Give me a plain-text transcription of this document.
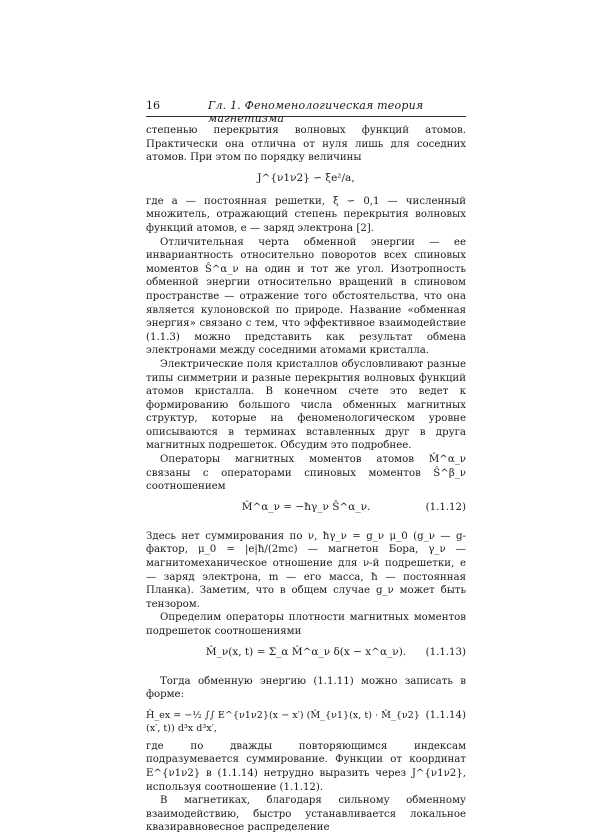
16	Гл. 1. Феноменологическая теория магнетизма

степенью перекрытия волновых функций атомов. Практически она отлична от нуля лишь для соседних атомов. При этом по порядку величины

J^{ν1ν2} ∽ ξe²/a,

где a — постоянная решетки, ξ ∽ 0,1 — численный множитель, отражающий степень перекрытия волновых функций атомов, e — заряд электрона [2].

Отличительная черта обменной энергии — ее инвариантность относительно поворотов всех спиновых моментов Ŝ^α_ν на один и тот же угол. Изотропность обменной энергии относительно вращений в спиновом пространстве — отражение того обстоятельства, что она является кулоновской по природе. Название «обменная энергия» связано с тем, что эффективное взаимодействие (1.1.3) можно представить как результат обмена электронами между соседними атомами кристалла.

Электрические поля кристаллов обусловливают разные типы симметрии и разные перекрытия волновых функций атомов кристалла. В конечном счете это ведет к формированию большого числа обменных магнитных структур, которые на феноменологическом уровне описываются в терминах вставленных друг в друга магнитных подрешеток. Обсудим это подробнее.

Операторы магнитных моментов атомов M̂^α_ν связаны с операторами спиновых моментов Ŝ^β_ν соотношением

M̂^α_ν = −ħγ_ν Ŝ^α_ν.	(1.1.12)

Здесь нет суммирования по ν, ħγ_ν = g_ν μ_0 (g_ν — g-фактор, μ_0 = |e|ħ/(2mc) — магнетон Бора, γ_ν — магнитомеханическое отношение для ν-й подрешетки, e — заряд электрона, m — его масса, ħ — постоянная Планка). Заметим, что в общем случае g_ν может быть тензором.

Определим операторы плотности магнитных моментов подрешеток соотношениями

M̂_ν(x, t) = Σ_α M̂^α_ν δ(x − x^α_ν).	(1.1.13)

Тогда обменную энергию (1.1.11) можно записать в форме:

Ĥ_ex = −½ ∫∫ E^{ν1ν2}(x − x′) (M̂_{ν1}(x, t) · M̂_{ν2}(x′, t)) d³x d³x′,
(1.1.14)

где по дважды повторяющимся индексам подразумевается суммирование. Функции от координат E^{ν1ν2} в (1.1.14) нетрудно выразить через J^{ν1ν2}, используя соотношение (1.1.12).

В магнетиках, благодаря сильному обменному взаимодействию, быстро устанавливается локальное квазиравновесное распределение
